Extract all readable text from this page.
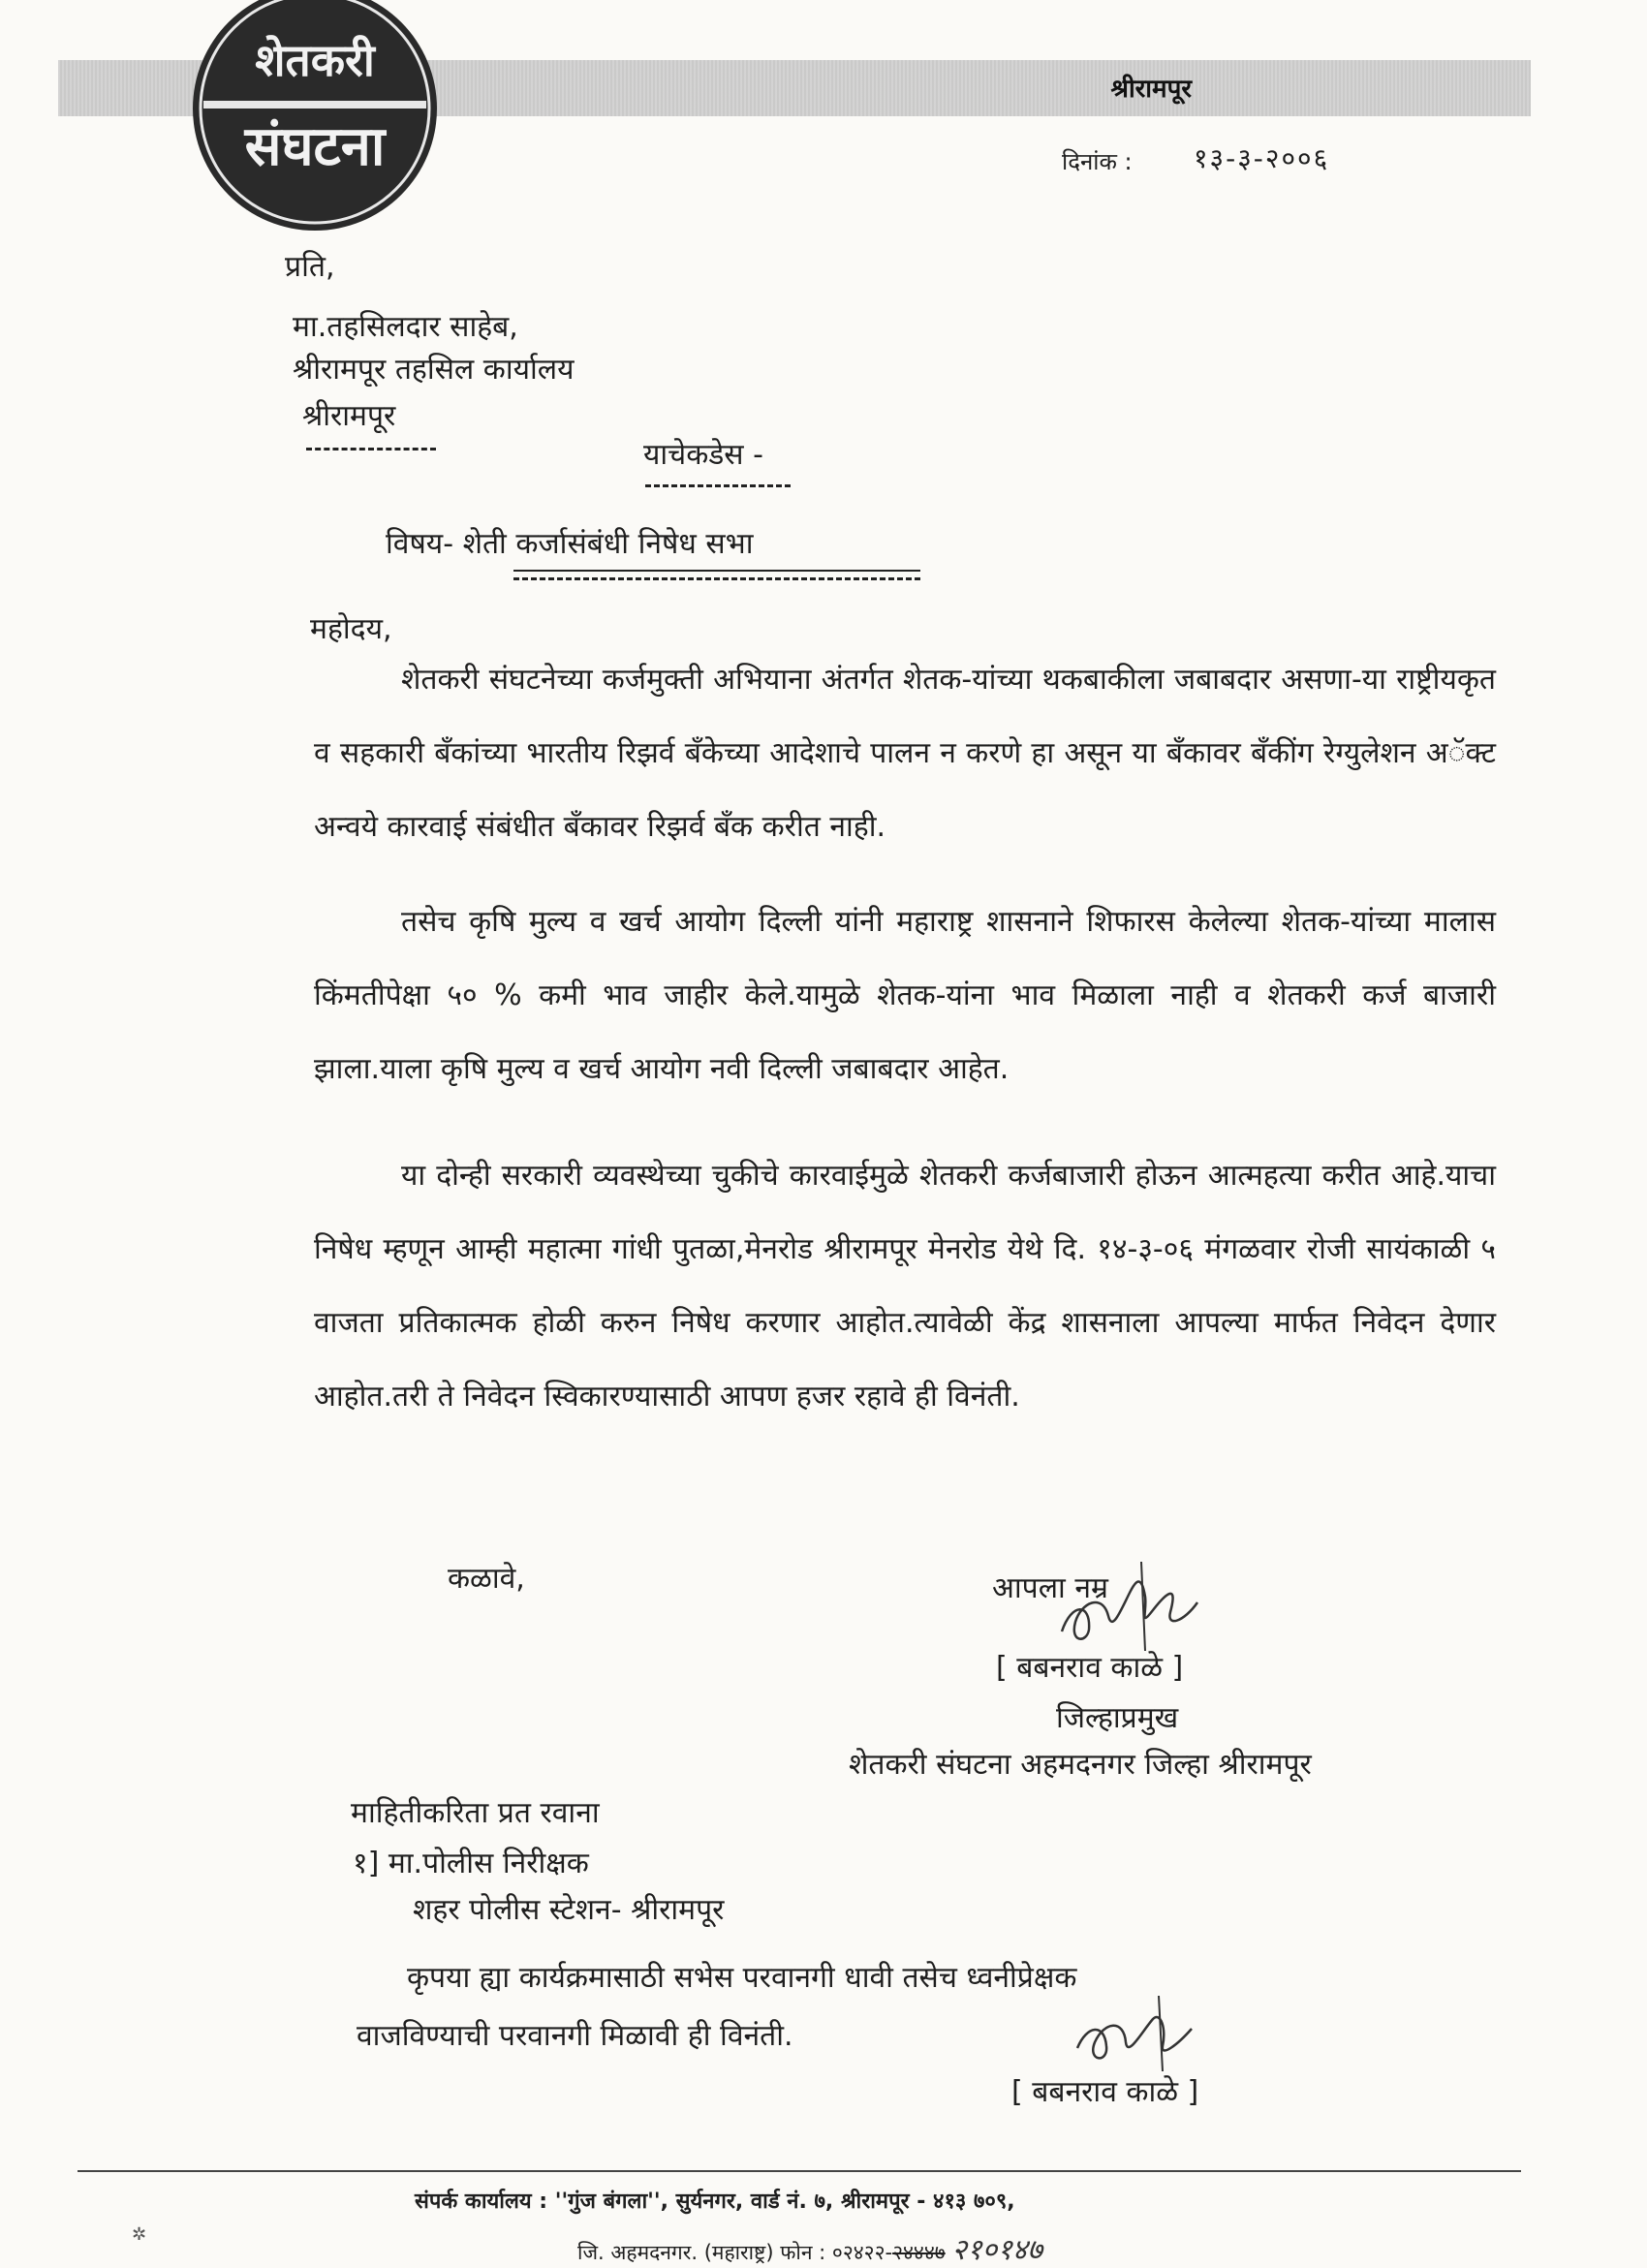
श्रीरामपूर
शेतकरी
संघटना	दिनांक : १३-३-२००६
प्रति,
मा.तहसिलदार साहेब,
श्रीरामपूर तहसिल कार्यालय
श्रीरामपूर
याचेकडेस -
विषय- शेती कर्जासंबंधी निषेध सभा
महोदय,

शेतकरी संघटनेच्या कर्जमुक्ती अभियाना अंतर्गत शेतक-यांच्या थकबाकीला जबाबदार असणा-या राष्ट्रीयकृत व सहकारी बँकांच्या भारतीय रिझर्व बँकेच्या आदेशाचे पालन न करणे हा असून या बँकावर बँकींग रेग्युलेशन अॅक्ट अन्वये कारवाई संबंधीत बँकावर रिझर्व बँक करीत नाही.

तसेच कृषि मुल्य व खर्च आयोग दिल्ली यांनी महाराष्ट्र शासनाने शिफारस केलेल्या शेतक-यांच्या मालास किंमतीपेक्षा ५० % कमी भाव जाहीर केले.यामुळे शेतक-यांना भाव मिळाला नाही व शेतकरी कर्ज बाजारी झाला.याला कृषि मुल्य व खर्च आयोग नवी दिल्ली जबाबदार आहेत.

या दोन्ही सरकारी व्यवस्थेच्या चुकीचे कारवाईमुळे शेतकरी कर्जबाजारी होऊन आत्महत्या करीत आहे.याचा निषेध म्हणून आम्ही महात्मा गांधी पुतळा,मेनरोड श्रीरामपूर मेनरोड येथे दि. १४-३-०६ मंगळवार रोजी सायंकाळी ५ वाजता प्रतिकात्मक होळी करुन निषेध करणार आहोत.त्यावेळी केंद्र शासनाला आपल्या मार्फत निवेदन देणार आहोत.तरी ते निवेदन स्विकारण्यासाठी आपण हजर रहावे ही विनंती.

कळावे,	आपला नम्र
[ बबनराव काळे ]
जिल्हाप्रमुख
शेतकरी संघटना अहमदनगर जिल्हा श्रीरामपूर
माहितीकरिता प्रत रवाना
१] मा.पोलीस निरीक्षक
शहर पोलीस स्टेशन- श्रीरामपूर
कृपया ह्या कार्यक्रमासाठी सभेस परवानगी धावी तसेच ध्वनीप्रेक्षक
वाजविण्याची परवानगी मिळावी ही विनंती.
[ बबनराव काळे ]
संपर्क कार्यालय : ''गुंज बंगला'', सुर्यनगर, वार्ड नं. ७, श्रीरामपूर - ४१३ ७०९,
जि. अहमदनगर. (महाराष्ट्र) फोन : ०२४२२-२४४४७ २१०१४७
✲
